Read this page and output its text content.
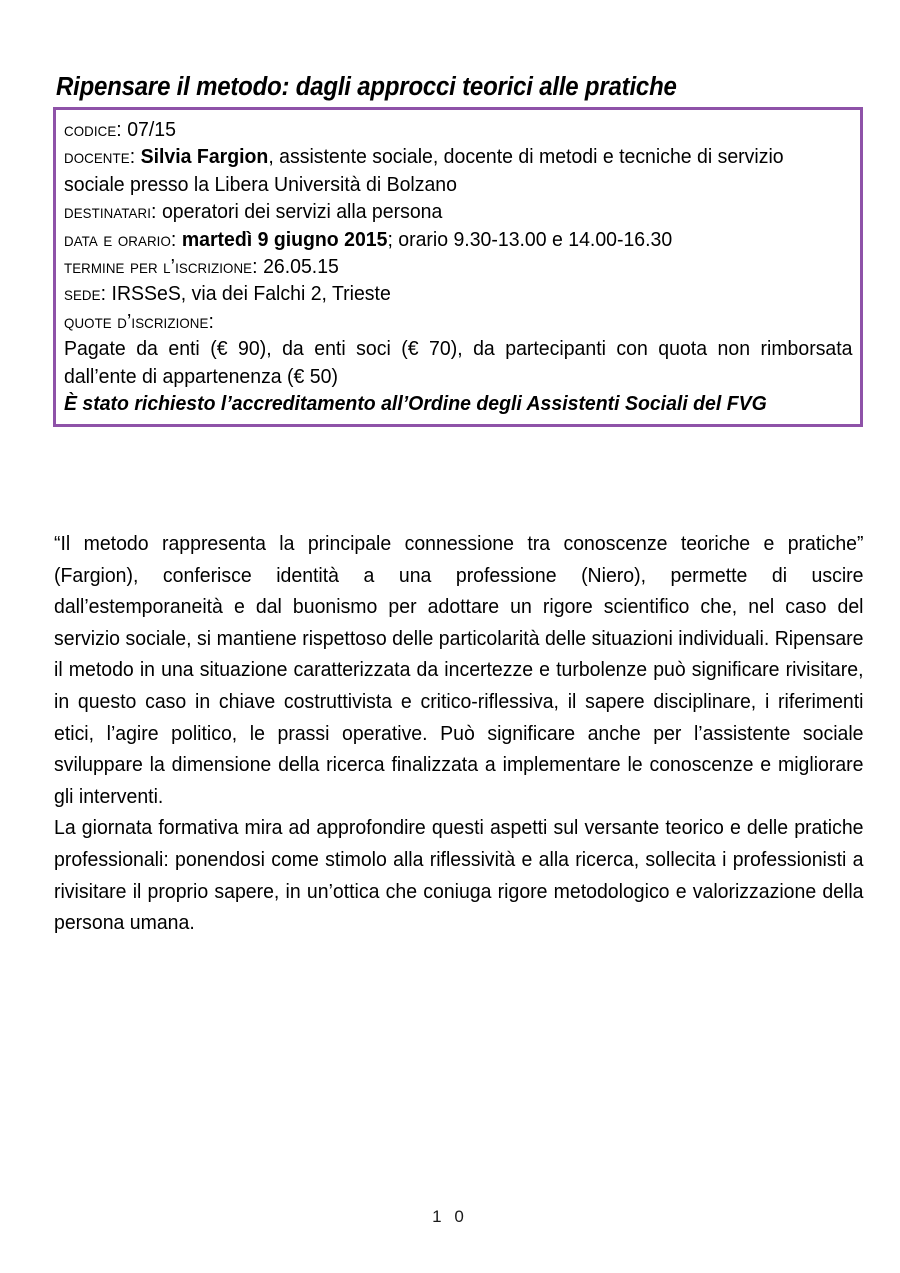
Ripensare il metodo: dagli approcci teorici alle pratiche
codice: 07/15
docente: Silvia Fargion, assistente sociale, docente di metodi e tecniche di servizio sociale presso la Libera Università di Bolzano
destinatari: operatori dei servizi alla persona
data e orario: martedì 9 giugno 2015; orario 9.30-13.00 e 14.00-16.30
termine per l’iscrizione: 26.05.15
sede: IRSSeS, via dei Falchi 2, Trieste
quote d’iscrizione:
Pagate da enti (€ 90), da enti soci (€ 70), da partecipanti con quota non rimborsata dall’ente di appartenenza (€ 50)
È stato richiesto l’accreditamento all’Ordine degli Assistenti Sociali del FVG

“Il metodo rappresenta la principale connessione tra conoscenze teoriche e pratiche” (Fargion), conferisce identità a una professione (Niero), permette di uscire dall’estemporaneità e dal buonismo per adottare un rigore scientifico che, nel caso del servizio sociale, si mantiene rispettoso delle particolarità delle situazioni individuali. Ripensare il metodo in una situazione caratterizzata da incertezze e turbolenze può significare rivisitare, in questo caso in chiave costruttivista e critico-riflessiva, il sapere disciplinare, i riferimenti etici, l’agire politico, le prassi operative. Può significare anche per l’assistente sociale sviluppare la dimensione della ricerca finalizzata a implementare le conoscenze e migliorare gli interventi.

La giornata formativa mira ad approfondire questi aspetti sul versante teorico e delle pratiche professionali: ponendosi come stimolo alla riflessività e alla ricerca, sollecita i professionisti a rivisitare il proprio sapere, in un’ottica che coniuga rigore metodologico e valorizzazione della persona umana.

1 0
